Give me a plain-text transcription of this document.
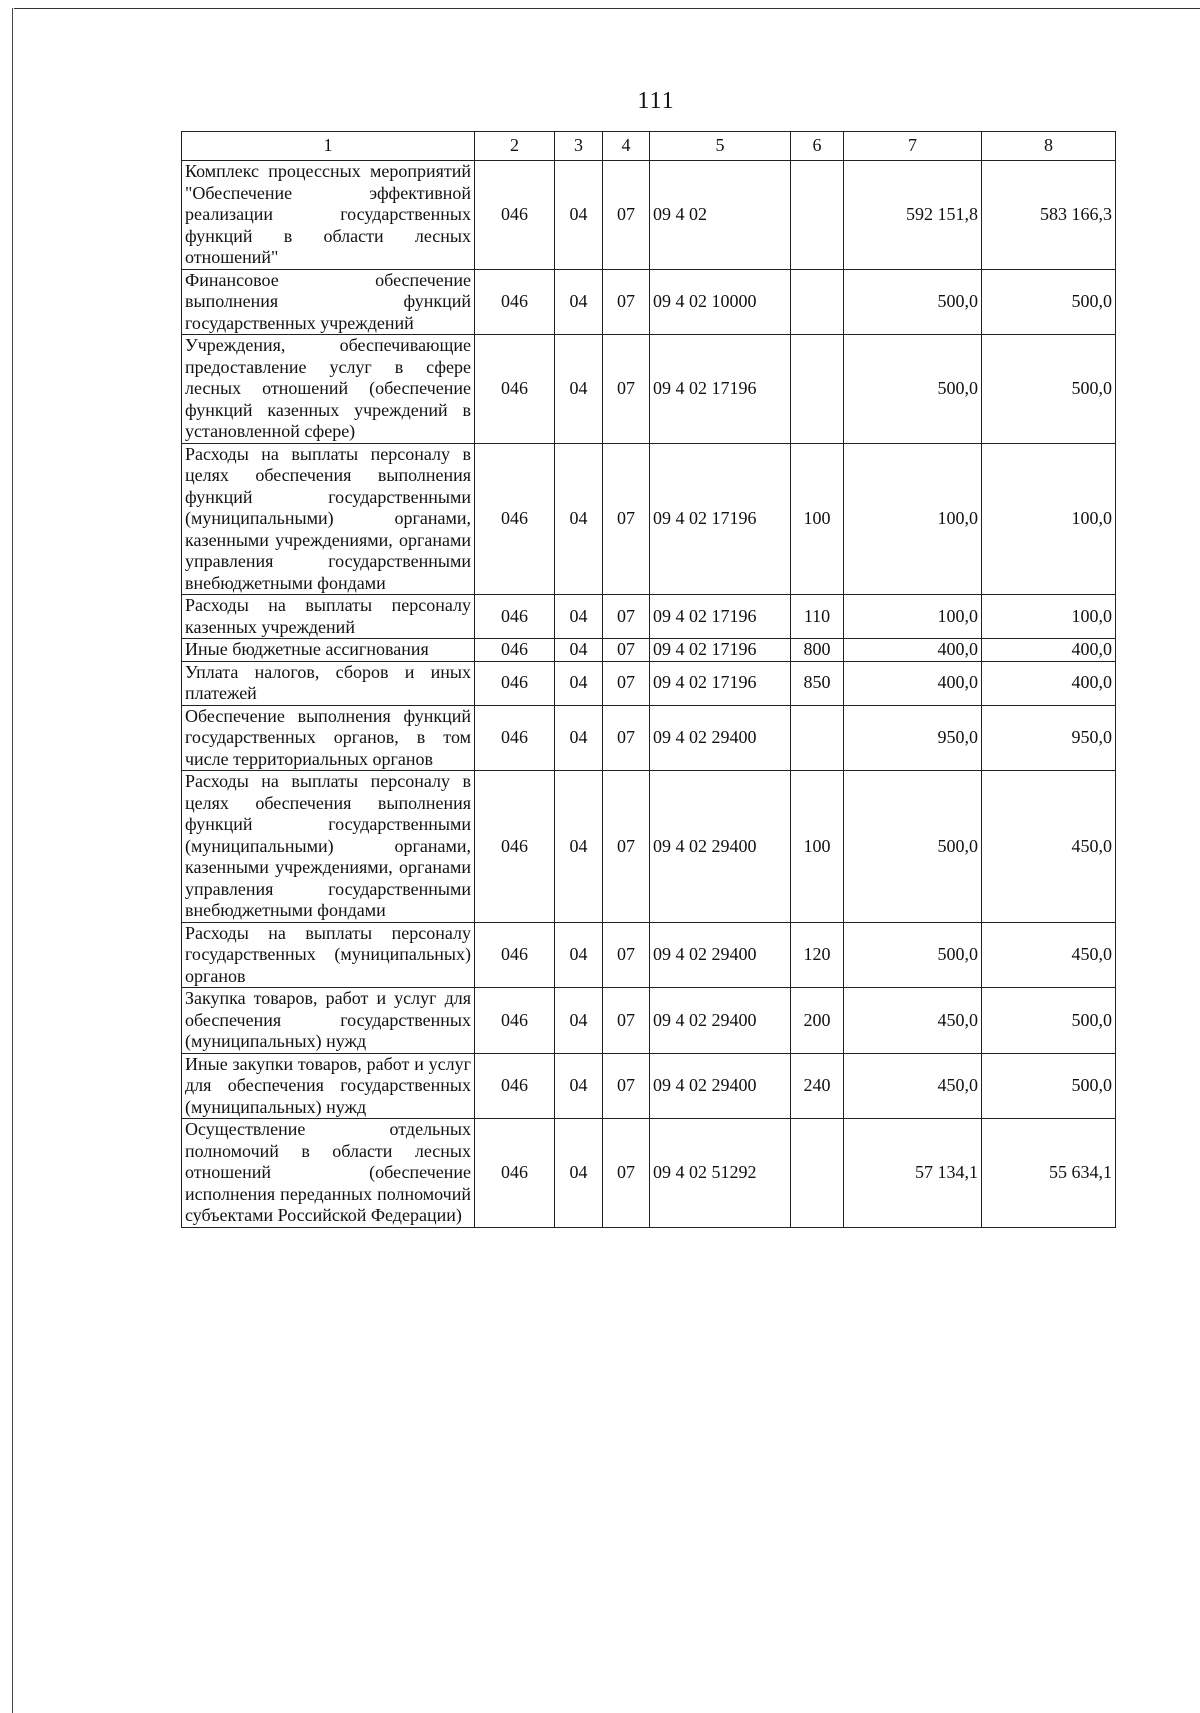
111
1	2	3	4	5	6	7	8
Комплекс процессных мероприятий "Обеспечение эффективной реализации государственных функций в области лесных отношений"	046	04	07	09 4 02		592 151,8	583 166,3
Финансовое обеспечение выполнения функций государственных учреждений	046	04	07	09 4 02 10000		500,0	500,0
Учреждения, обеспечивающие предоставление услуг в сфере лесных отношений (обеспечение функций казенных учреждений в установленной сфере)	046	04	07	09 4 02 17196		500,0	500,0
Расходы на выплаты персоналу в целях обеспечения выполнения функций государственными (муниципальными) органами, казенными учреждениями, органами управления государственными внебюджетными фондами	046	04	07	09 4 02 17196	100	100,0	100,0
Расходы на выплаты персоналу казенных учреждений	046	04	07	09 4 02 17196	110	100,0	100,0
Иные бюджетные ассигнования	046	04	07	09 4 02 17196	800	400,0	400,0
Уплата налогов, сборов и иных платежей	046	04	07	09 4 02 17196	850	400,0	400,0
Обеспечение выполнения функций государственных органов, в том числе территориальных органов	046	04	07	09 4 02 29400		950,0	950,0
Расходы на выплаты персоналу в целях обеспечения выполнения функций государственными (муниципальными) органами, казенными учреждениями, органами управления государственными внебюджетными фондами	046	04	07	09 4 02 29400	100	500,0	450,0
Расходы на выплаты персоналу государственных (муниципальных) органов	046	04	07	09 4 02 29400	120	500,0	450,0
Закупка товаров, работ и услуг для обеспечения государственных (муниципальных) нужд	046	04	07	09 4 02 29400	200	450,0	500,0
Иные закупки товаров, работ и услуг для обеспечения государственных (муниципальных) нужд	046	04	07	09 4 02 29400	240	450,0	500,0
Осуществление отдельных полномочий в области лесных отношений (обеспечение исполнения переданных полномочий субъектами Российской Федерации)	046	04	07	09 4 02 51292		57 134,1	55 634,1
